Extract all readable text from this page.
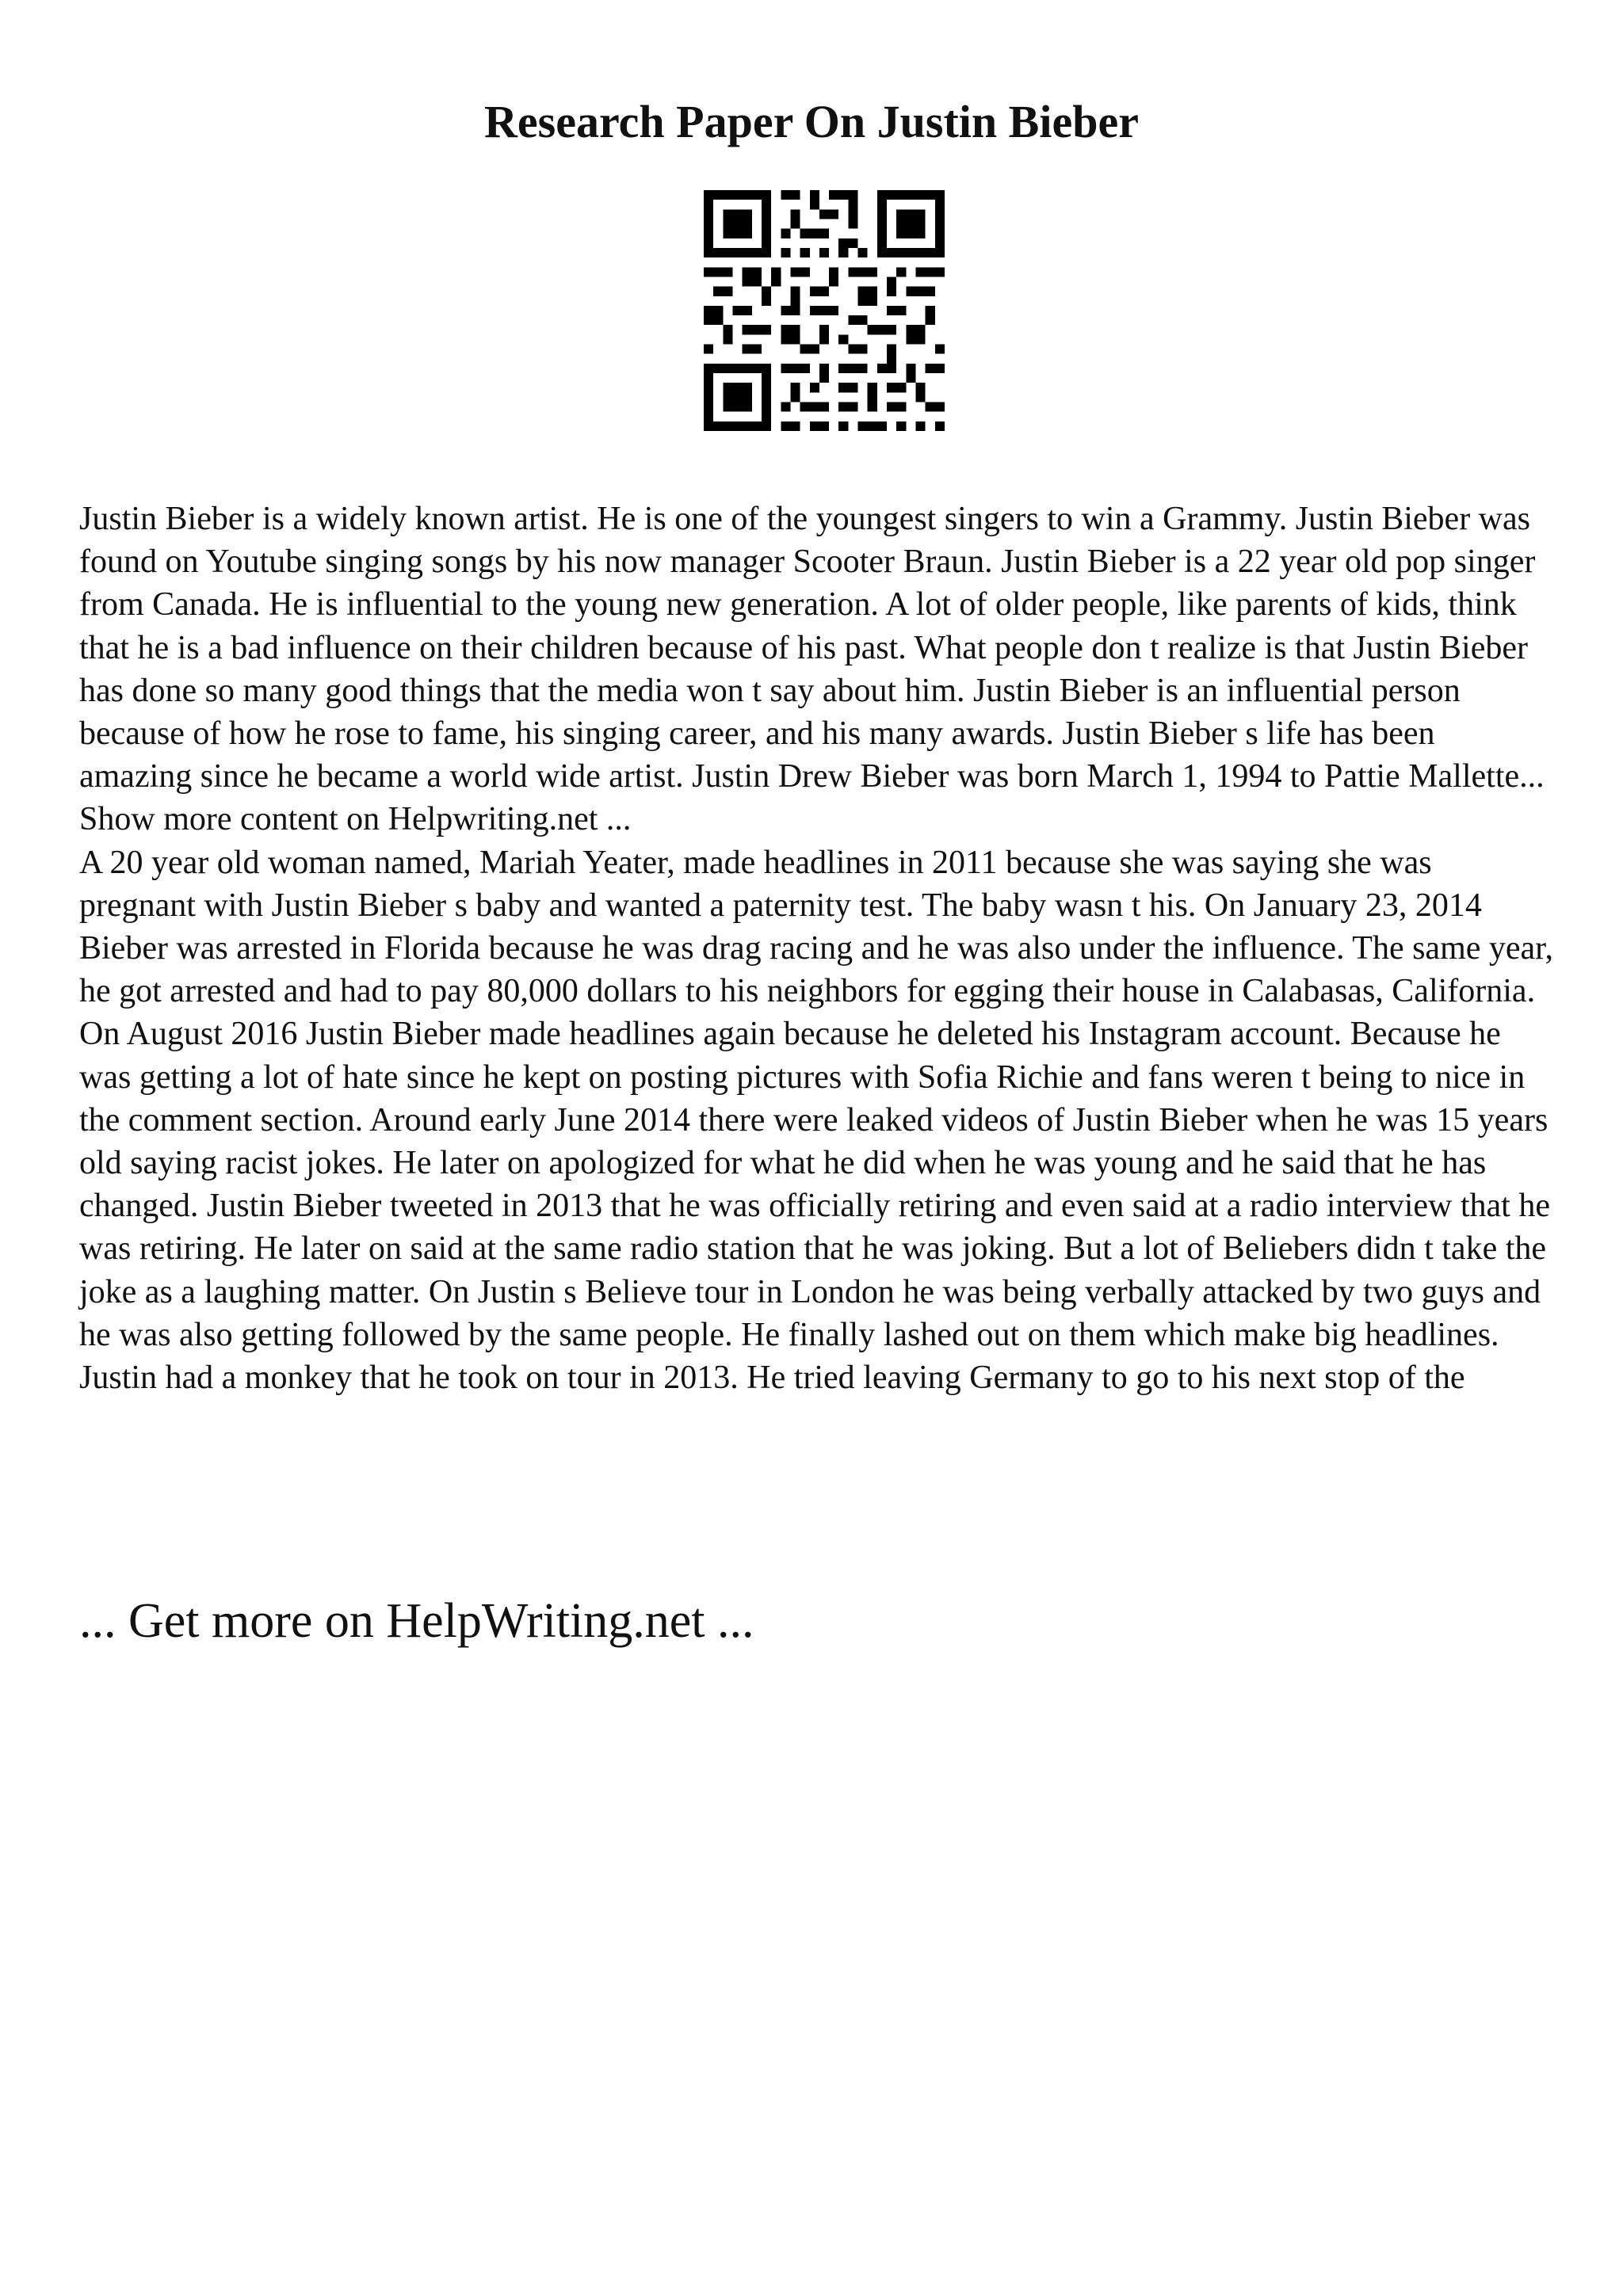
Research Paper On Justin Bieber

Justin Bieber is a widely known artist. He is one of the youngest singers to win a Grammy. Justin Bieber was found on Youtube singing songs by his now manager Scooter Braun. Justin Bieber is a 22 year old pop singer from Canada. He is influential to the young new generation. A lot of older people, like parents of kids, think that he is a bad influence on their children because of his past. What people don t realize is that Justin Bieber has done so many good things that the media won t say about him. Justin Bieber is an influential person because of how he rose to fame, his singing career, and his many awards. Justin Bieber s life has been amazing since he became a world wide artist. Justin Drew Bieber was born March 1, 1994 to Pattie Mallette... Show more content on Helpwriting.net ...

A 20 year old woman named, Mariah Yeater, made headlines in 2011 because she was saying she was pregnant with Justin Bieber s baby and wanted a paternity test. The baby wasn t his. On January 23, 2014 Bieber was arrested in Florida because he was drag racing and he was also under the influence. The same year, he got arrested and had to pay 80,000 dollars to his neighbors for egging their house in Calabasas, California. On August 2016 Justin Bieber made headlines again because he deleted his Instagram account. Because he was getting a lot of hate since he kept on posting pictures with Sofia Richie and fans weren t being to nice in the comment section. Around early June 2014 there were leaked videos of Justin Bieber when he was 15 years old saying racist jokes. He later on apologized for what he did when he was young and he said that he has changed. Justin Bieber tweeted in 2013 that he was officially retiring and even said at a radio interview that he was retiring. He later on said at the same radio station that he was joking. But a lot of Beliebers didn t take the joke as a laughing matter. On Justin s Believe tour in London he was being verbally attacked by two guys and he was also getting followed by the same people. He finally lashed out on them which make big headlines. Justin had a monkey that he took on tour in 2013. He tried leaving Germany to go to his next stop of the

... Get more on HelpWriting.net ...
